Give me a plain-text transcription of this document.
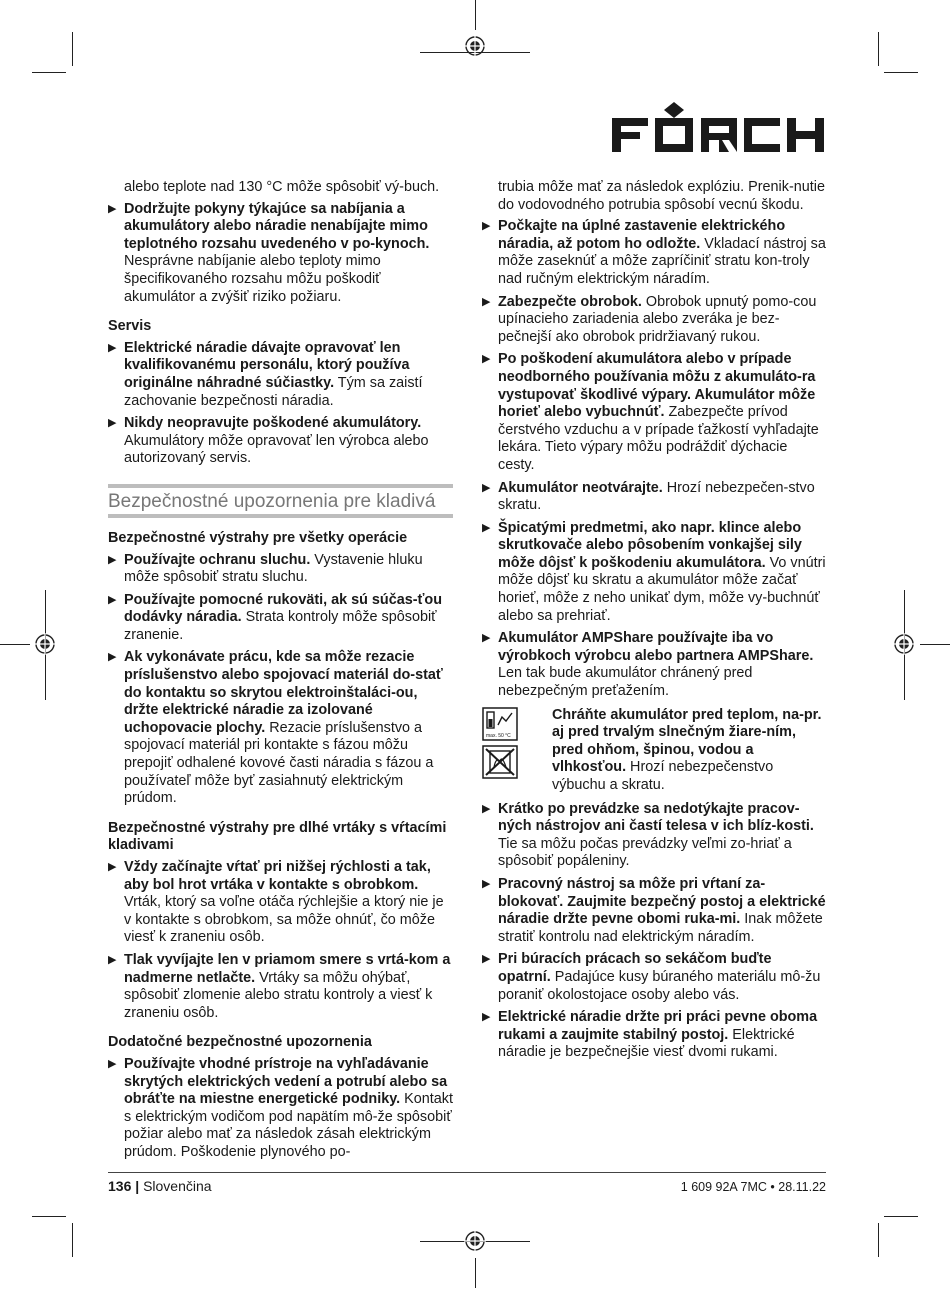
alebo teplote nad 130 °C môže spôsobiť vý-buch.

▶ Dodržujte pokyny týkajúce sa nabíjania a akumulátory alebo náradie nenabíjajte mimo teplotného rozsahu uvedeného v po-kynoch. Nesprávne nabíjanie alebo teploty mimo špecifikovaného rozsahu môžu poškodiť akumulátor a zvýšiť riziko požiaru.
Servis
▶ Elektrické náradie dávajte opravovať len kvalifikovanému personálu, ktorý používa originálne náhradné súčiastky. Tým sa zaistí zachovanie bezpečnosti náradia.
▶ Nikdy neopravujte poškodené akumulátory. Akumulátory môže opravovať len výrobca alebo autorizovaný servis.
Bezpečnostné upozornenia pre kladivá
Bezpečnostné výstrahy pre všetky operácie
▶ Používajte ochranu sluchu. Vystavenie hluku môže spôsobiť stratu sluchu.
▶ Používajte pomocné rukoväti, ak sú súčas-ťou dodávky náradia. Strata kontroly môže spôsobiť zranenie.
▶ Ak vykonávate prácu, kde sa môže rezacie príslušenstvo alebo spojovací materiál do-stať do kontaktu so skrytou elektroinštaláci-ou, držte elektrické náradie za izolované uchopovacie plochy. Rezacie príslušenstvo a spojovací materiál pri kontakte s fázou môžu prepojiť odhalené kovové časti náradia s fázou a používateľ môže byť zasiahnutý elektrickým prúdom.
Bezpečnostné výstrahy pre dlhé vrtáky s vŕtacími kladivami
▶ Vždy začínajte vŕtať pri nižšej rýchlosti a tak, aby bol hrot vrtáka v kontakte s obrobkom. Vrták, ktorý sa voľne otáča rýchlejšie a ktorý nie je v kontakte s obrobkom, sa môže ohnúť, čo môže viesť k zraneniu osôb.
▶ Tlak vyvíjajte len v priamom smere s vrtá-kom a nadmerne netlačte. Vrtáky sa môžu ohýbať, spôsobiť zlomenie alebo stratu kontroly a viesť k zraneniu osôb.
Dodatočné bezpečnostné upozornenia
▶ Používajte vhodné prístroje na vyhľadávanie skrytých elektrických vedení a potrubí alebo sa obráťte na miestne energetické podniky. Kontakt s elektrickým vodičom pod napätím mô-že spôsobiť požiar alebo mať za následok zásah elektrickým prúdom. Poškodenie plynového po-

trubia môže mať za následok explóziu. Prenik-nutie do vodovodného potrubia spôsobí vecnú škodu.

▶ Počkajte na úplné zastavenie elektrického náradia, až potom ho odložte. Vkladací nástroj sa môže zaseknúť a môže zapríčiniť stratu kon-troly nad ručným elektrickým náradím.
▶ Zabezpečte obrobok. Obrobok upnutý pomo-cou upínacieho zariadenia alebo zveráka je bez-pečnejší ako obrobok pridržiavaný rukou.
▶ Po poškodení akumulátora alebo v prípade neodborného používania môžu z akumuláto-ra vystupovať škodlivé výpary. Akumulátor môže horieť alebo vybuchnúť. Zabezpečte prívod čerstvého vzduchu a v prípade ťažkostí vyhľadajte lekára. Tieto výpary môžu podráždiť dýchacie cesty.
▶ Akumulátor neotvárajte. Hrozí nebezpečen-stvo skratu.
▶ Špicatými predmetmi, ako napr. klince alebo skrutkovače alebo pôsobením vonkajšej sily môže dôjsť k poškodeniu akumulátora. Vo vnútri môže dôjsť ku skratu a akumulátor môže začať horieť, môže z neho unikať dym, môže vy-buchnúť alebo sa prehriať.
▶ Akumulátor AMPShare používajte iba vo výrobkoch výrobcu alebo partnera AMPShare. Len tak bude akumulátor chránený pred nebezpečným preťažením.
max. 50 °C
Chráňte akumulátor pred teplom, na-pr. aj pred trvalým slnečným žiare-ním, pred ohňom, špinou, vodou a vlhkosťou. Hrozí nebezpečenstvo výbuchu a skratu.
▶ Krátko po prevádzke sa nedotýkajte pracov-ných nástrojov ani častí telesa v ich blíz-kosti. Tie sa môžu počas prevádzky veľmi zo-hriať a spôsobiť popáleniny.
▶ Pracovný nástroj sa môže pri vŕtaní za-blokovať. Zaujmite bezpečný postoj a elektrické náradie držte pevne obomi ruka-mi. Inak môžete stratiť kontrolu nad elektrickým náradím.
▶ Pri búracích prácach so sekáčom buďte opatrní. Padajúce kusy búraného materiálu mô-žu poraniť okolostojace osoby alebo vás.
▶ Elektrické náradie držte pri práci pevne oboma rukami a zaujmite stabilný postoj. Elektrické náradie je bezpečnejšie viesť dvomi rukami.
136 | Slovenčina	1 609 92A 7MC • 28.11.22
